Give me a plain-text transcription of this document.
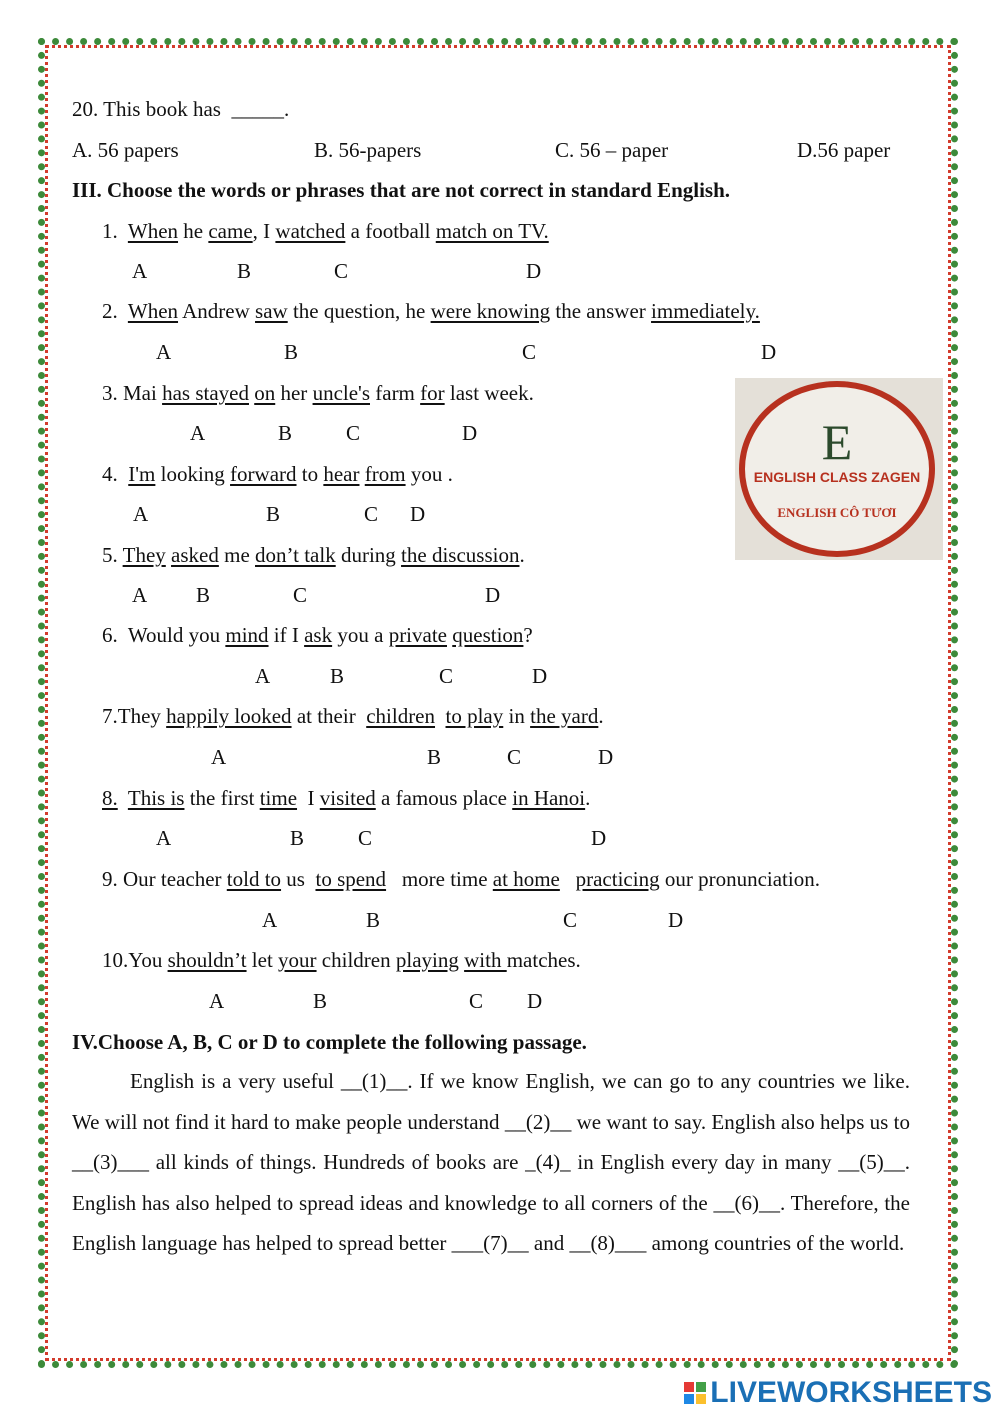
20. This book has  _____.
A. 56 papers	B. 56-papers	C. 56 – paper	D.56 paper
III. Choose the words or phrases that are not correct in standard English.
1. When he came, I watched a football match on TV.
A	B	C	D
2. When Andrew saw the question, he were knowing the answer immediately.
A	B	C	D
3. Mai has stayed on her uncle's farm for last week.
A	B	C	D
4. I'm looking forward to hear from you .
A	B	C D
5. They asked me don’t talk during the discussion.
A B	C	D
6. Would you mind if I ask you a private question?
A	B	C	D
7.They happily looked at their  children to play in the yard.
A	B	C	D
8. This is the first time  I visited a famous place in Hanoi.
A	B	C	D
9. Our teacher told to us  to spend   more time at home practicing our pronunciation.
A	B	C	D
10.You shouldn’t let your children playing with matches.
A	B	C D
IV.Choose A, B, C or D to complete the following passage.
English is a very useful __(1)__. If we know English, we can go to any countries we like. We will not find it hard to make people understand __(2)__ we want to say. English also helps us to __(3)___ all kinds of things. Hundreds of books are _(4)_ in English every day in many __(5)__. English has also helped to spread ideas and knowledge to all corners of the __(6)__. Therefore, the English language has helped to spread better ___(7)__ and __(8)___ among countries of the world.
E
ENGLISH CLASS ZAGEN
ENGLISH CÔ TƯƠI
LIVEWORKSHEETS
